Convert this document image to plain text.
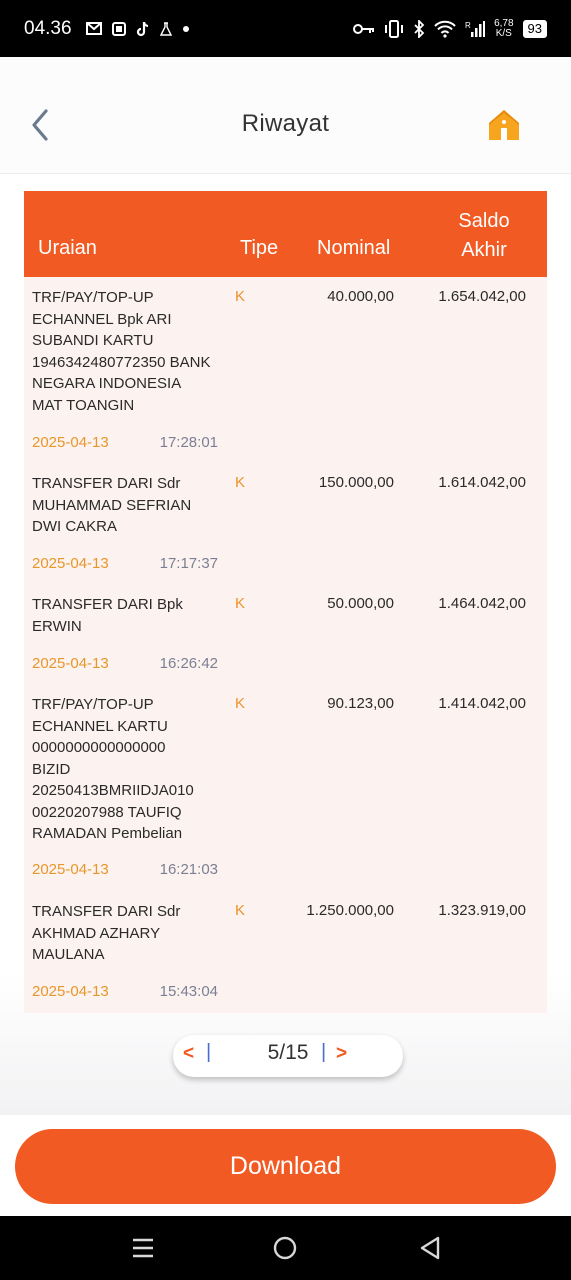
04.36	R 6,78
K/S	93
Riwayat
Uraian	Tipe Nominal
Saldo
Akhir
TRF/PAY/TOP-UP
ECHANNEL Bpk ARI
SUBANDI KARTU
1946342480772350 BANK
NEGARA INDONESIA
MAT TOANGIN
K	40.000,00	1.654.042,00
2025-04-13	17:28:01
TRANSFER DARI Sdr
MUHAMMAD SEFRIAN
DWI CAKRA
K	150.000,00	1.614.042,00
2025-04-13	17:17:37
TRANSFER DARI Bpk
ERWIN
K	50.000,00	1.464.042,00
2025-04-13	16:26:42
TRF/PAY/TOP-UP
ECHANNEL KARTU
0000000000000000
BIZID
20250413BMRIIDJA010
00220207988 TAUFIQ
RAMADAN Pembelian
K	90.123,00	1.414.042,00
2025-04-13	16:21:03
TRANSFER DARI Sdr
AKHMAD AZHARY
MAULANA
K	1.250.000,00	1.323.919,00
2025-04-13	15:43:04
< |	5/15 | >
Download
